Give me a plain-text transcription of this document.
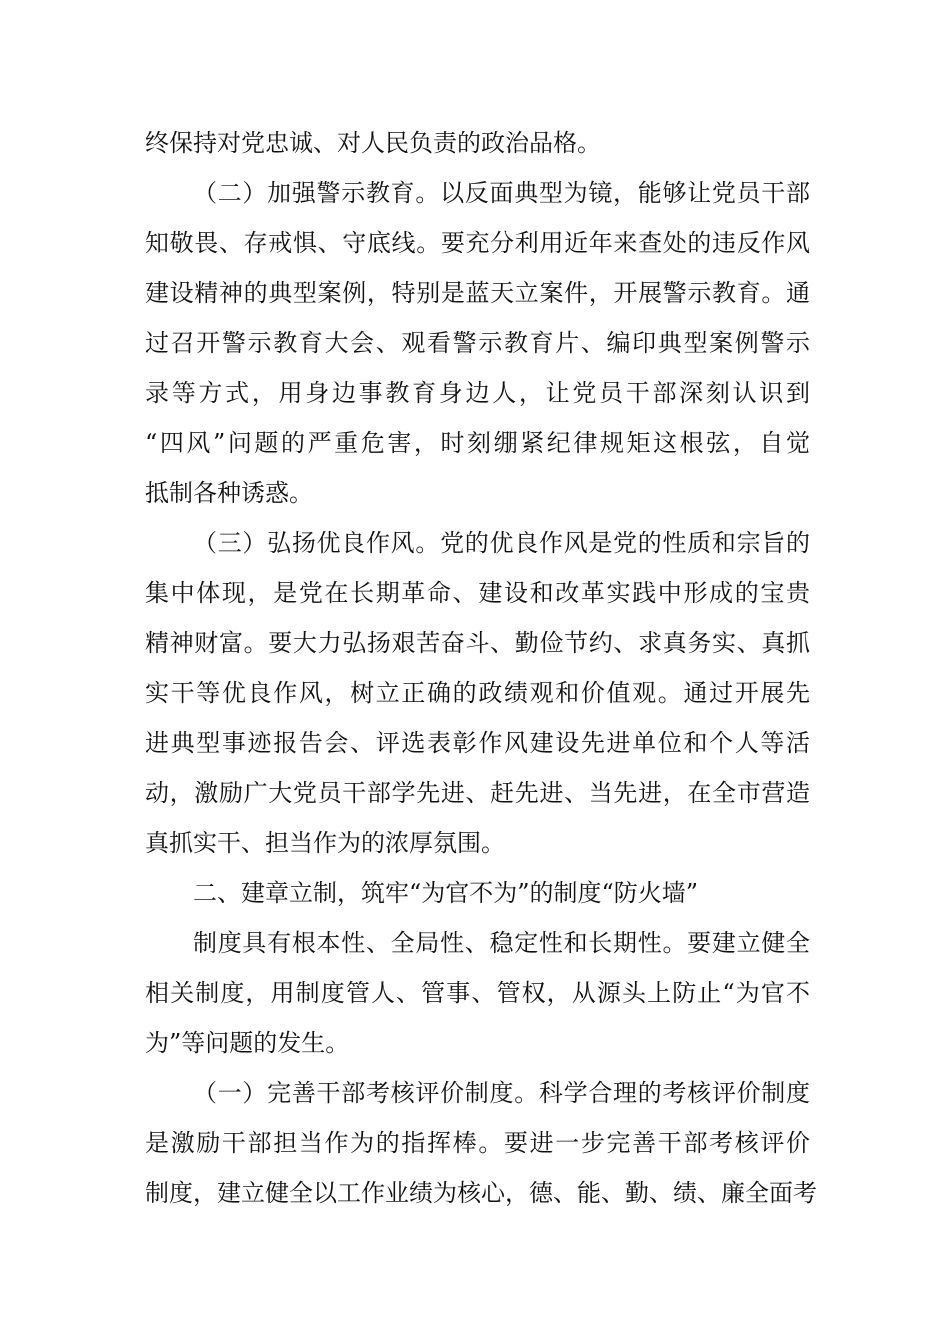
终保持对党忠诚、对人民负责的政治品格。
（二）加强警示教育。以反面典型为镜，能够让党员干部
知敬畏、存戒惧、守底线。要充分利用近年来查处的违反作风
建设精神的典型案例，特别是蓝天立案件，开展警示教育。通
过召开警示教育大会、观看警示教育片、编印典型案例警示
录等方式，用身边事教育身边人，让党员干部深刻认识到
“四风”问题的严重危害，时刻绷紧纪律规矩这根弦，自觉
抵制各种诱惑。
（三）弘扬优良作风。党的优良作风是党的性质和宗旨的
集中体现，是党在长期革命、建设和改革实践中形成的宝贵
精神财富。要大力弘扬艰苦奋斗、勤俭节约、求真务实、真抓
实干等优良作风，树立正确的政绩观和价值观。通过开展先
进典型事迹报告会、评选表彰作风建设先进单位和个人等活
动，激励广大党员干部学先进、赶先进、当先进，在全市营造
真抓实干、担当作为的浓厚氛围。
二、建章立制，筑牢“为官不为”的制度“防火墙”
制度具有根本性、全局性、稳定性和长期性。要建立健全
相关制度，用制度管人、管事、管权，从源头上防止“为官不
为”等问题的发生。
（一）完善干部考核评价制度。科学合理的考核评价制度
是激励干部担当作为的指挥棒。要进一步完善干部考核评价
制度，建立健全以工作业绩为核心，德、能、勤、绩、廉全面考
